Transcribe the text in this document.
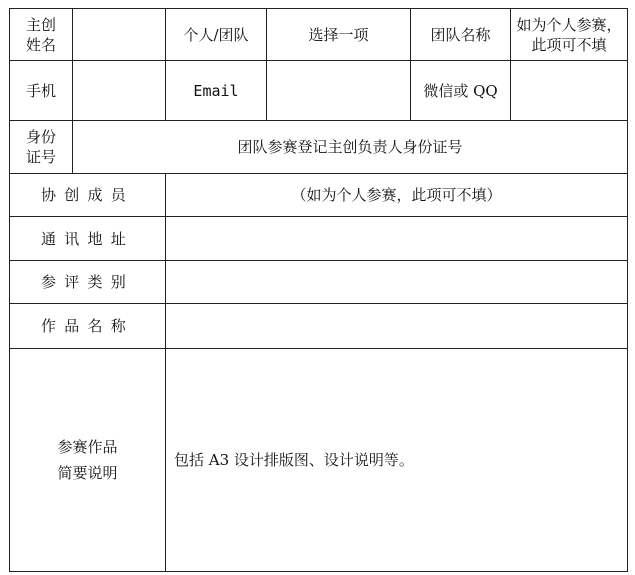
主创
姓名		个人/团队	选择一项	团队名称	如为个人参赛，
此项可不填

手机		Email		微信或 QQ	

身份
证号	团队参赛登记主创负责人身份证号				
协创成员		（如为个人参赛，此项可不填）			
通讯地址					
参评类别					
作品名称					

参赛作品
简要说明		包括 A3 设计排版图、设计说明等。			
